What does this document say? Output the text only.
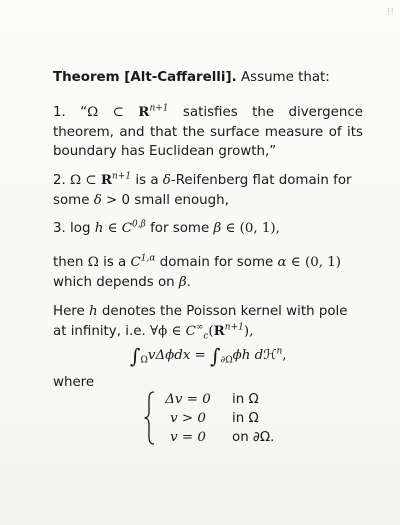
!!

Theorem [Alt-Caffarelli]. Assume that:

1. “Ω ⊂ $R^{n+1}$ satisfies the divergence theorem, and that the surface measure of its boundary has Euclidean growth,”

2. Ω ⊂ $R^{n+1}$ is a δ-Reifenberg flat domain for some δ > 0 small enough,

3. log h ∈ $C^{0,\beta}$ for some β ∈ (0, 1),

then Ω is a $C^{1,\alpha}$ domain for some α ∈ (0, 1) which depends on β.

Here h denotes the Poisson kernel with pole at infinity, i.e. ∀ϕ ∈ $C^\infty_c(R^{n+1})$,

$\int_\Omega v\Delta\phi dx = \int_{\partial\Omega}\phi h$ dℋ$^n$,

where

Δv = 0	in Ω
v > 0	in Ω
v = 0	on ∂Ω.
